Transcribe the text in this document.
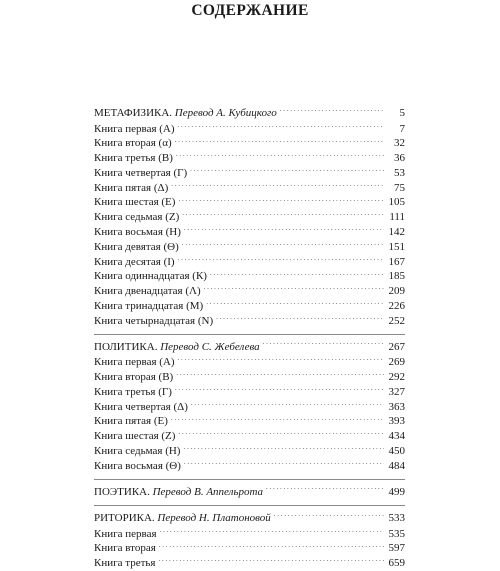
СОДЕРЖАНИЕ
МЕТАФИЗИКА. Перевод А. Кубицкого . . .	5
Книга первая (А) . . .	7
Книга вторая (α) . . .	32
Книга третья (В) . . .	36
Книга четвертая (Г) . . .	53
Книга пятая (Δ) . . .	75
Книга шестая (Е) . . .	105
Книга седьмая (Z) . . .	111
Книга восьмая (Н) . . .	142
Книга девятая (Θ) . . .	151
Книга десятая (I) . . .	167
Книга одиннадцатая (К) . . .	185
Книга двенадцатая (Λ) . . .	209
Книга тринадцатая (М) . . .	226
Книга четырнадцатая (N) . . .	252
ПОЛИТИКА. Перевод С. Жебелева . . .	267
Книга первая (А) . . .	269
Книга вторая (В) . . .	292
Книга третья (Г) . . .	327
Книга четвертая (Δ) . . .	363
Книга пятая (Е) . . .	393
Книга шестая (Z) . . .	434
Книга седьмая (Н) . . .	450
Книга восьмая (Θ) . . .	484
ПОЭТИКА. Перевод В. Аппельрота . . .	499
РИТОРИКА. Перевод Н. Платоновой . . .	533
Книга первая . . .	535
Книга вторая . . .	597
Книга третья . . .	659
